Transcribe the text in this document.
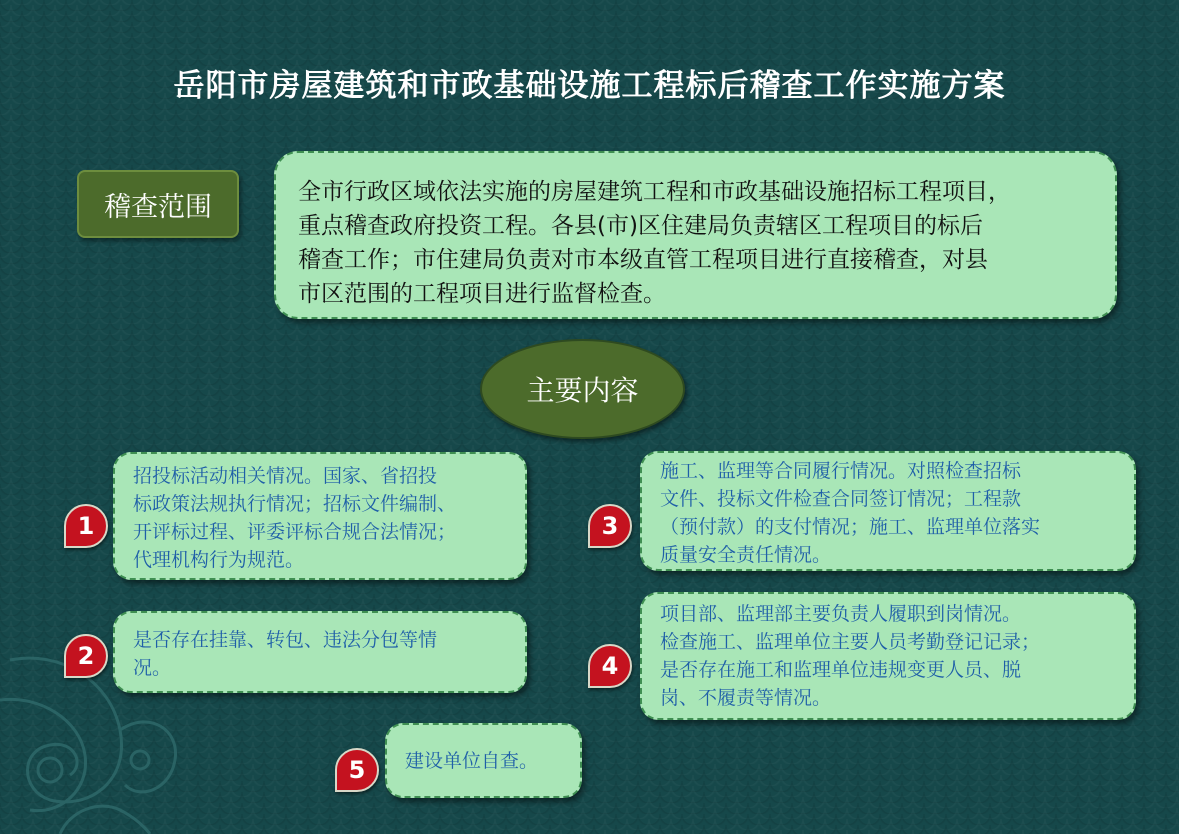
岳阳市房屋建筑和市政基础设施工程标后稽查工作实施方案
稽查范围	全市行政区域依法实施的房屋建筑工程和市政基础设施招标工程项目，
重点稽查政府投资工程。各县(市)区住建局负责辖区工程项目的标后
稽查工作；市住建局负责对市本级直管工程项目进行直接稽查，对县
市区范围的工程项目进行监督检查。
主要内容
1
招投标活动相关情况。国家、省招投
标政策法规执行情况；招标文件编制、
开评标过程、评委评标合规合法情况；
代理机构行为规范。
2
是否存在挂靠、转包、违法分包等情
况。
3
施工、监理等合同履行情况。对照检查招标
文件、投标文件检查合同签订情况；工程款
（预付款）的支付情况；施工、监理单位落实
质量安全责任情况。
4
项目部、监理部主要负责人履职到岗情况。
检查施工、监理单位主要人员考勤登记记录；
是否存在施工和监理单位违规变更人员、脱
岗、不履责等情况。
5	建设单位自查。
